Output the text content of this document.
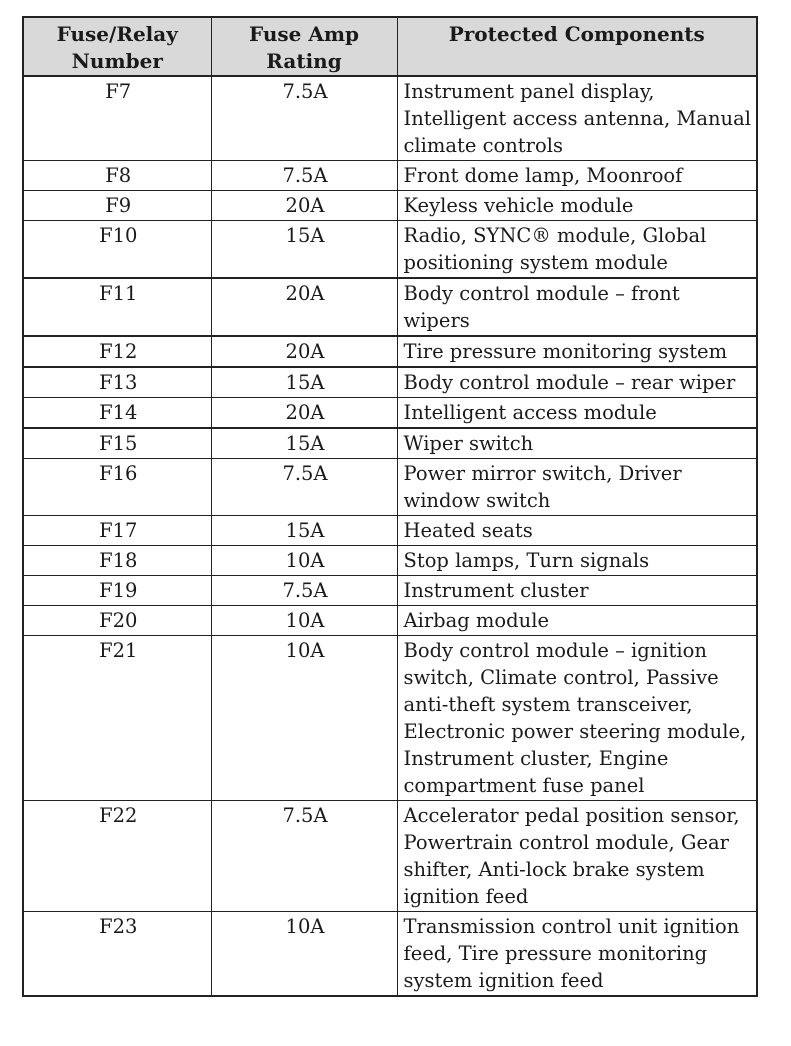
Fuse/Relay Number	Fuse Amp Rating	Protected Components
F7	7.5A	Instrument panel display, Intelligent access antenna, Manual climate controls
F8	7.5A	Front dome lamp, Moonroof
F9	20A	Keyless vehicle module
F10	15A	Radio, SYNC® module, Global positioning system module
F11	20A	Body control module – front wipers
F12	20A	Tire pressure monitoring system
F13	15A	Body control module – rear wiper
F14	20A	Intelligent access module
F15	15A	Wiper switch
F16	7.5A	Power mirror switch, Driver window switch
F17	15A	Heated seats
F18	10A	Stop lamps, Turn signals
F19	7.5A	Instrument cluster
F20	10A	Airbag module
F21	10A	Body control module – ignition switch, Climate control, Passive anti-theft system transceiver, Electronic power steering module, Instrument cluster, Engine compartment fuse panel
F22	7.5A	Accelerator pedal position sensor, Powertrain control module, Gear shifter, Anti-lock brake system ignition feed
F23	10A	Transmission control unit ignition feed, Tire pressure monitoring system ignition feed
